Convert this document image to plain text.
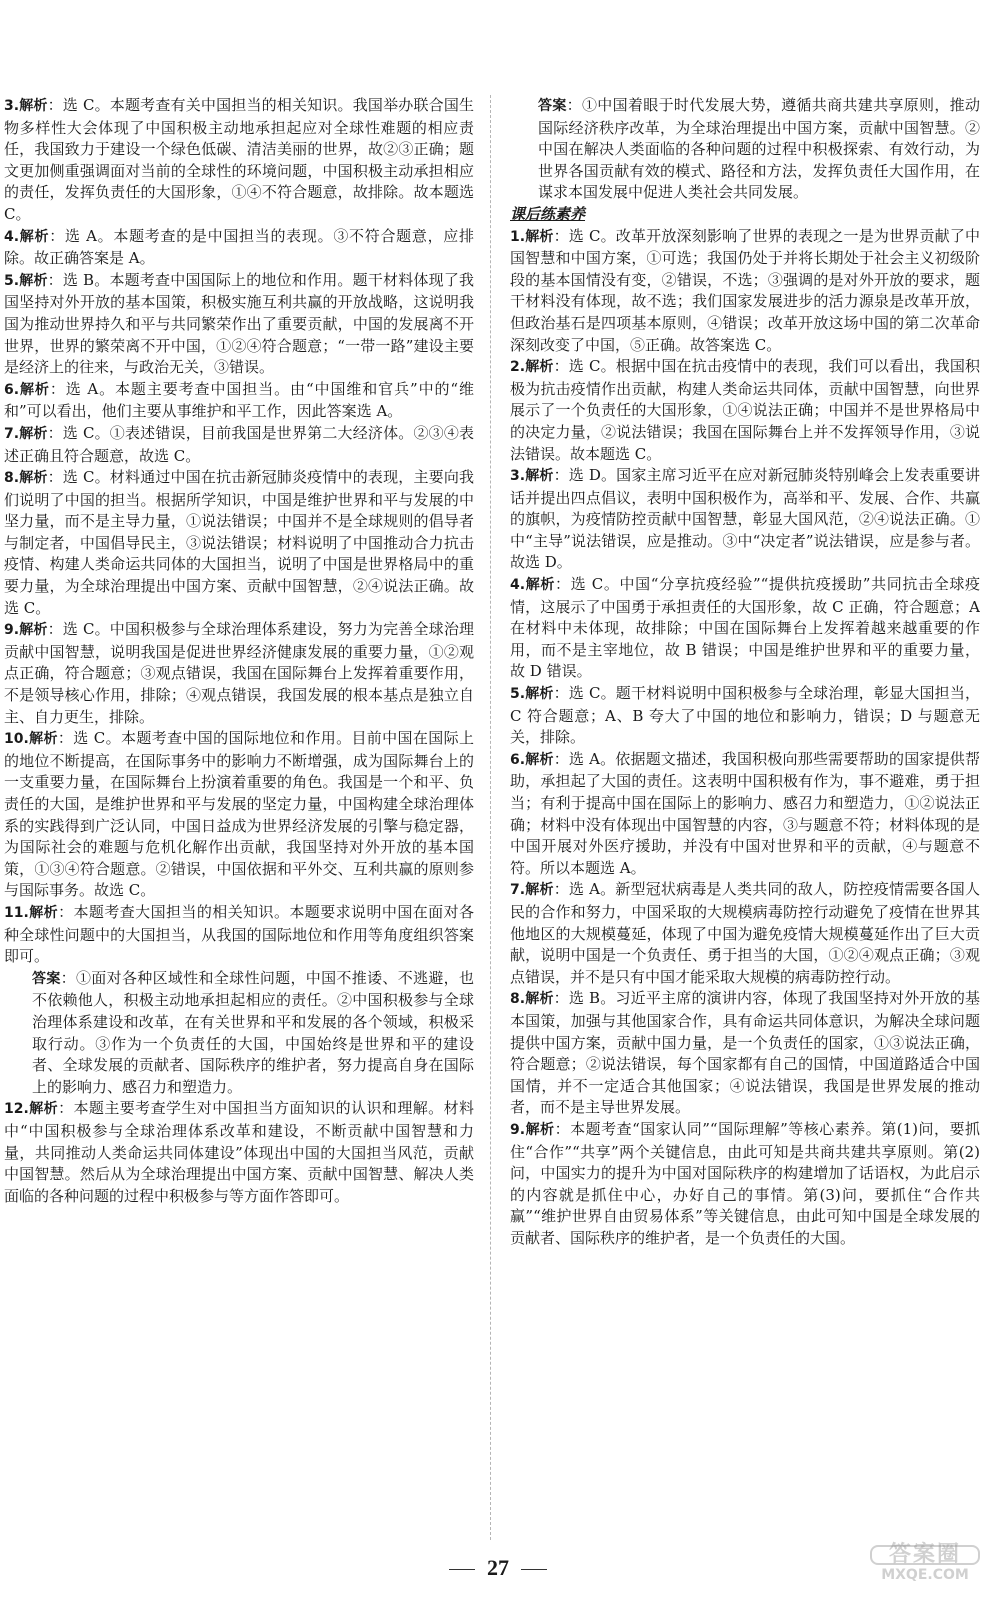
3.解析：选 C。本题考查有关中国担当的相关知识。我国举办联合国生物多样性大会体现了中国积极主动地承担起应对全球性难题的相应责任，我国致力于建设一个绿色低碳、清洁美丽的世界，故②③正确；题文更加侧重强调面对当前的全球性的环境问题，中国积极主动承担相应的责任，发挥负责任的大国形象，①④不符合题意，故排除。故本题选 C。

4.解析：选 A。本题考查的是中国担当的表现。③不符合题意，应排除。故正确答案是 A。

5.解析：选 B。本题考查中国国际上的地位和作用。题干材料体现了我国坚持对外开放的基本国策，积极实施互利共赢的开放战略，这说明我国为推动世界持久和平与共同繁荣作出了重要贡献，中国的发展离不开世界，世界的繁荣离不开中国，①②④符合题意；“一带一路”建设主要是经济上的往来，与政治无关，③错误。

6.解析：选 A。本题主要考查中国担当。由“中国维和官兵”中的“维和”可以看出，他们主要从事维护和平工作，因此答案选 A。

7.解析：选 C。①表述错误，目前我国是世界第二大经济体。②③④表述正确且符合题意，故选 C。

8.解析：选 C。材料通过中国在抗击新冠肺炎疫情中的表现，主要向我们说明了中国的担当。根据所学知识，中国是维护世界和平与发展的中坚力量，而不是主导力量，①说法错误；中国并不是全球规则的倡导者与制定者，中国倡导民主，③说法错误；材料说明了中国推动合力抗击疫情、构建人类命运共同体的大国担当，说明了中国是世界格局中的重要力量，为全球治理提出中国方案、贡献中国智慧，②④说法正确。故选 C。

9.解析：选 C。中国积极参与全球治理体系建设，努力为完善全球治理贡献中国智慧，说明我国是促进世界经济健康发展的重要力量，①②观点正确，符合题意；③观点错误，我国在国际舞台上发挥着重要作用，不是领导核心作用，排除；④观点错误，我国发展的根本基点是独立自主、自力更生，排除。

10.解析：选 C。本题考查中国的国际地位和作用。目前中国在国际上的地位不断提高，在国际事务中的影响力不断增强，成为国际舞台上的一支重要力量，在国际舞台上扮演着重要的角色。我国是一个和平、负责任的大国，是维护世界和平与发展的坚定力量，中国构建全球治理体系的实践得到广泛认同，中国日益成为世界经济发展的引擎与稳定器，为国际社会的难题与危机化解作出贡献，我国坚持对外开放的基本国策，①③④符合题意。②错误，中国依据和平外交、互利共赢的原则参与国际事务。故选 C。

11.解析：本题考查大国担当的相关知识。本题要求说明中国在面对各种全球性问题中的大国担当，从我国的国际地位和作用等角度组织答案即可。

答案：①面对各种区域性和全球性问题，中国不推诿、不逃避，也不依赖他人，积极主动地承担起相应的责任。②中国积极参与全球治理体系建设和改革，在有关世界和平和发展的各个领域，积极采取行动。③作为一个负责任的大国，中国始终是世界和平的建设者、全球发展的贡献者、国际秩序的维护者，努力提高自身在国际上的影响力、感召力和塑造力。

12.解析：本题主要考查学生对中国担当方面知识的认识和理解。材料中“中国积极参与全球治理体系改革和建设，不断贡献中国智慧和力量，共同推动人类命运共同体建设”体现出中国的大国担当风范，贡献中国智慧。然后从为全球治理提出中国方案、贡献中国智慧、解决人类面临的各种问题的过程中积极参与等方面作答即可。

答案：①中国着眼于时代发展大势，遵循共商共建共享原则，推动国际经济秩序改革，为全球治理提出中国方案，贡献中国智慧。②中国在解决人类面临的各种问题的过程中积极探索、有效行动，为世界各国贡献有效的模式、路径和方法，发挥负责任大国作用，在谋求本国发展中促进人类社会共同发展。

课后练素养

1.解析：选 C。改革开放深刻影响了世界的表现之一是为世界贡献了中国智慧和中国方案，①可选；我国仍处于并将长期处于社会主义初级阶段的基本国情没有变，②错误，不选；③强调的是对外开放的要求，题干材料没有体现，故不选；我们国家发展进步的活力源泉是改革开放，但政治基石是四项基本原则，④错误；改革开放这场中国的第二次革命深刻改变了中国，⑤正确。故答案选 C。

2.解析：选 C。根据中国在抗击疫情中的表现，我们可以看出，我国积极为抗击疫情作出贡献，构建人类命运共同体，贡献中国智慧，向世界展示了一个负责任的大国形象，①④说法正确；中国并不是世界格局中的决定力量，②说法错误；我国在国际舞台上并不发挥领导作用，③说法错误。故本题选 C。

3.解析：选 D。国家主席习近平在应对新冠肺炎特别峰会上发表重要讲话并提出四点倡议，表明中国积极作为，高举和平、发展、合作、共赢的旗帜，为疫情防控贡献中国智慧，彰显大国风范，②④说法正确。①中“主导”说法错误，应是推动。③中“决定者”说法错误，应是参与者。故选 D。

4.解析：选 C。中国“分享抗疫经验”“提供抗疫援助”共同抗击全球疫情，这展示了中国勇于承担责任的大国形象，故 C 正确，符合题意；A 在材料中未体现，故排除；中国在国际舞台上发挥着越来越重要的作用，而不是主宰地位，故 B 错误；中国是维护世界和平的重要力量，故 D 错误。

5.解析：选 C。题干材料说明中国积极参与全球治理，彰显大国担当，C 符合题意；A、B 夸大了中国的地位和影响力，错误；D 与题意无关，排除。

6.解析：选 A。依据题文描述，我国积极向那些需要帮助的国家提供帮助，承担起了大国的责任。这表明中国积极有作为，事不避难，勇于担当；有利于提高中国在国际上的影响力、感召力和塑造力，①②说法正确；材料中没有体现出中国智慧的内容，③与题意不符；材料体现的是中国开展对外医疗援助，并没有中国对世界和平的贡献，④与题意不符。所以本题选 A。

7.解析：选 A。新型冠状病毒是人类共同的敌人，防控疫情需要各国人民的合作和努力，中国采取的大规模病毒防控行动避免了疫情在世界其他地区的大规模蔓延，体现了中国为避免疫情大规模蔓延作出了巨大贡献，说明中国是一个负责任、勇于担当的大国，①②④观点正确；③观点错误，并不是只有中国才能采取大规模的病毒防控行动。

8.解析：选 B。习近平主席的演讲内容，体现了我国坚持对外开放的基本国策，加强与其他国家合作，具有命运共同体意识，为解决全球问题提供中国方案，贡献中国力量，是一个负责任的国家，①③说法正确，符合题意；②说法错误，每个国家都有自己的国情，中国道路适合中国国情，并不一定适合其他国家；④说法错误，我国是世界发展的推动者，而不是主导世界发展。

9.解析：本题考查“国家认同”“国际理解”等核心素养。第(1)问，要抓住“合作”“共享”两个关键信息，由此可知是共商共建共享原则。第(2)问，中国实力的提升为中国对国际秩序的构建增加了话语权，为此启示的内容就是抓住中心，办好自己的事情。第(3)问，要抓住“合作共赢”“维护世界自由贸易体系”等关键信息，由此可知中国是全球发展的贡献者、国际秩序的维护者，是一个负责任的大国。

27
答案圈
MXQE.COM
